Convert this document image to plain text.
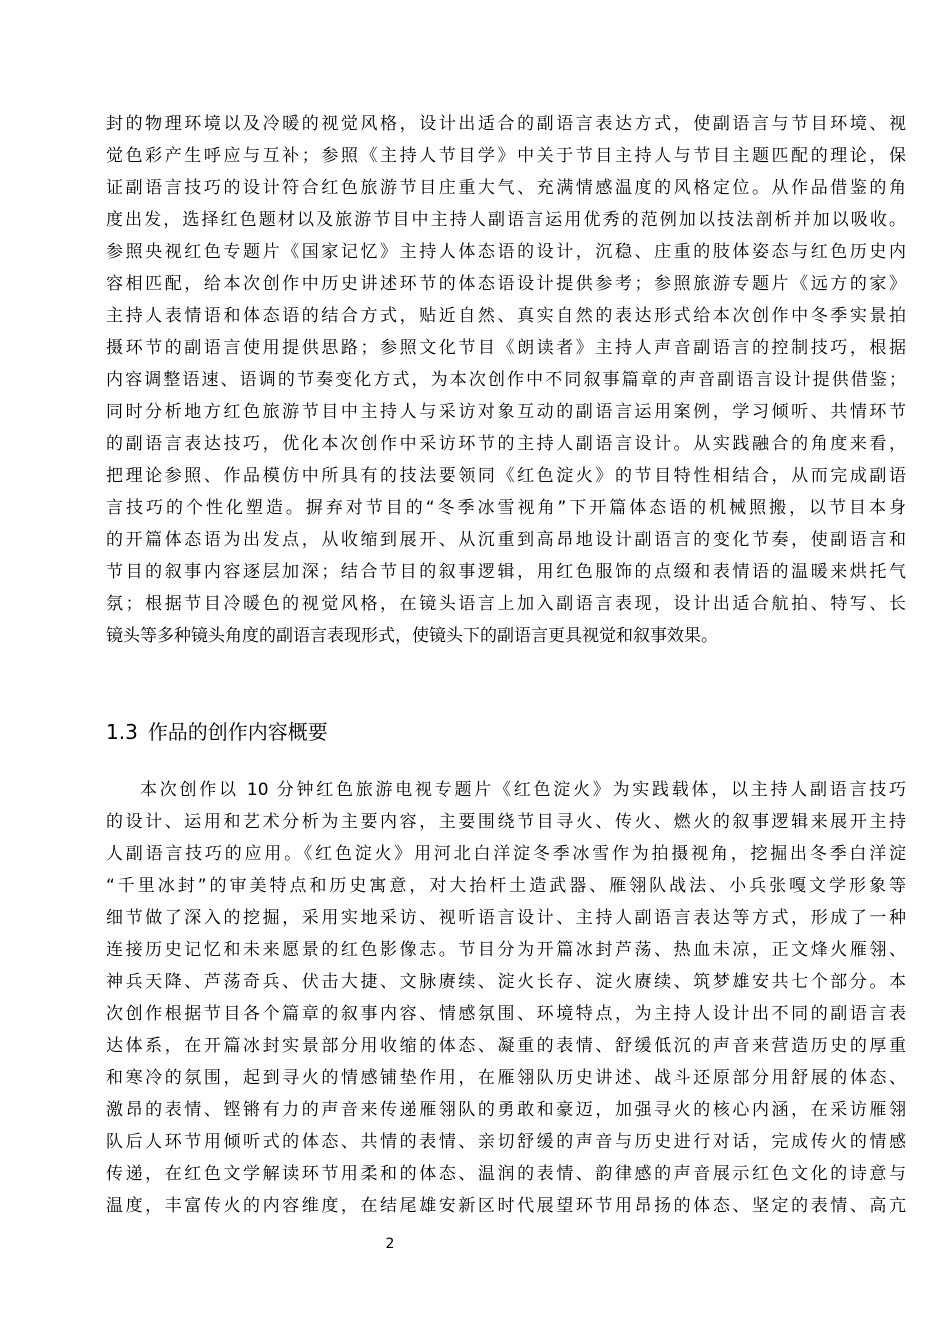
封的物理环境以及冷暖的视觉风格，设计出适合的副语言表达方式，使副语言与节目环境、视
觉色彩产生呼应与互补；参照《主持人节目学》中关于节目主持人与节目主题匹配的理论，保
证副语言技巧的设计符合红色旅游节目庄重大气、充满情感温度的风格定位。从作品借鉴的角
度出发，选择红色题材以及旅游节目中主持人副语言运用优秀的范例加以技法剖析并加以吸收。
参照央视红色专题片《国家记忆》主持人体态语的设计，沉稳、庄重的肢体姿态与红色历史内
容相匹配，给本次创作中历史讲述环节的体态语设计提供参考；参照旅游专题片《远方的家》
主持人表情语和体态语的结合方式，贴近自然、真实自然的表达形式给本次创作中冬季实景拍
摄环节的副语言使用提供思路；参照文化节目《朗读者》主持人声音副语言的控制技巧，根据
内容调整语速、语调的节奏变化方式，为本次创作中不同叙事篇章的声音副语言设计提供借鉴；
同时分析地方红色旅游节目中主持人与采访对象互动的副语言运用案例，学习倾听、共情环节
的副语言表达技巧，优化本次创作中采访环节的主持人副语言设计。从实践融合的角度来看，
把理论参照、作品模仿中所具有的技法要领同《红色淀火》的节目特性相结合，从而完成副语
言技巧的个性化塑造。摒弃对节目的“冬季冰雪视角”下开篇体态语的机械照搬，以节目本身
的开篇体态语为出发点，从收缩到展开、从沉重到高昂地设计副语言的变化节奏，使副语言和
节目的叙事内容逐层加深；结合节目的叙事逻辑，用红色服饰的点缀和表情语的温暖来烘托气
氛；根据节目冷暖色的视觉风格，在镜头语言上加入副语言表现，设计出适合航拍、特写、长
镜头等多种镜头角度的副语言表现形式，使镜头下的副语言更具视觉和叙事效果。
1.3 作品的创作内容概要
本次创作以 10 分钟红色旅游电视专题片《红色淀火》为实践载体，以主持人副语言技巧
的设计、运用和艺术分析为主要内容，主要围绕节目寻火、传火、燃火的叙事逻辑来展开主持
人副语言技巧的应用。《红色淀火》用河北白洋淀冬季冰雪作为拍摄视角，挖掘出冬季白洋淀
“千里冰封”的审美特点和历史寓意，对大抬杆土造武器、雁翎队战法、小兵张嘎文学形象等
细节做了深入的挖掘，采用实地采访、视听语言设计、主持人副语言表达等方式，形成了一种
连接历史记忆和未来愿景的红色影像志。节目分为开篇冰封芦荡、热血未凉，正文烽火雁翎、
神兵天降、芦荡奇兵、伏击大捷、文脉赓续、淀火长存、淀火赓续、筑梦雄安共七个部分。本
次创作根据节目各个篇章的叙事内容、情感氛围、环境特点，为主持人设计出不同的副语言表
达体系，在开篇冰封实景部分用收缩的体态、凝重的表情、舒缓低沉的声音来营造历史的厚重
和寒冷的氛围，起到寻火的情感铺垫作用，在雁翎队历史讲述、战斗还原部分用舒展的体态、
激昂的表情、铿锵有力的声音来传递雁翎队的勇敢和豪迈，加强寻火的核心内涵，在采访雁翎
队后人环节用倾听式的体态、共情的表情、亲切舒缓的声音与历史进行对话，完成传火的情感
传递，在红色文学解读环节用柔和的体态、温润的表情、韵律感的声音展示红色文化的诗意与
温度，丰富传火的内容维度，在结尾雄安新区时代展望环节用昂扬的体态、坚定的表情、高亢
2
